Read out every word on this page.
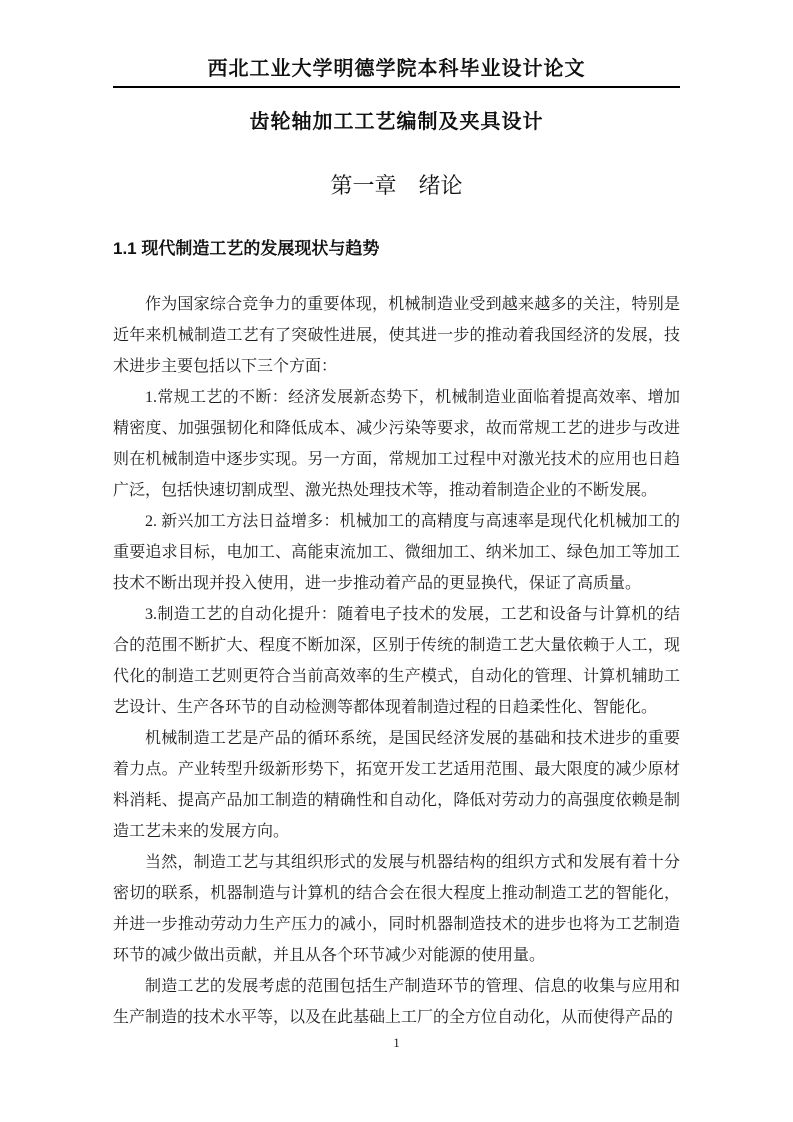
西北工业大学明德学院本科毕业设计论文
齿轮轴加工工艺编制及夹具设计
第一章　绪论
1.1 现代制造工艺的发展现状与趋势

作为国家综合竞争力的重要体现，机械制造业受到越来越多的关注，特别是近年来机械制造工艺有了突破性进展，使其进一步的推动着我国经济的发展，技术进步主要包括以下三个方面：

1.常规工艺的不断：经济发展新态势下，机械制造业面临着提高效率、增加精密度、加强强韧化和降低成本、减少污染等要求，故而常规工艺的进步与改进则在机械制造中逐步实现。另一方面，常规加工过程中对激光技术的应用也日趋广泛，包括快速切割成型、激光热处理技术等，推动着制造企业的不断发展。

2. 新兴加工方法日益增多：机械加工的高精度与高速率是现代化机械加工的重要追求目标，电加工、高能束流加工、微细加工、纳米加工、绿色加工等加工技术不断出现并投入使用，进一步推动着产品的更显换代，保证了高质量。

3.制造工艺的自动化提升：随着电子技术的发展，工艺和设备与计算机的结合的范围不断扩大、程度不断加深，区别于传统的制造工艺大量依赖于人工，现代化的制造工艺则更符合当前高效率的生产模式，自动化的管理、计算机辅助工艺设计、生产各环节的自动检测等都体现着制造过程的日趋柔性化、智能化。

机械制造工艺是产品的循环系统，是国民经济发展的基础和技术进步的重要着力点。产业转型升级新形势下，拓宽开发工艺适用范围、最大限度的减少原材料消耗、提高产品加工制造的精确性和自动化，降低对劳动力的高强度依赖是制造工艺未来的发展方向。

当然，制造工艺与其组织形式的发展与机器结构的组织方式和发展有着十分密切的联系，机器制造与计算机的结合会在很大程度上推动制造工艺的智能化，并进一步推动劳动力生产压力的减小，同时机器制造技术的进步也将为工艺制造环节的减少做出贡献，并且从各个环节减少对能源的使用量。

制造工艺的发展考虑的范围包括生产制造环节的管理、信息的收集与应用和生产制造的技术水平等，以及在此基础上工厂的全方位自动化，从而使得产品的

1
